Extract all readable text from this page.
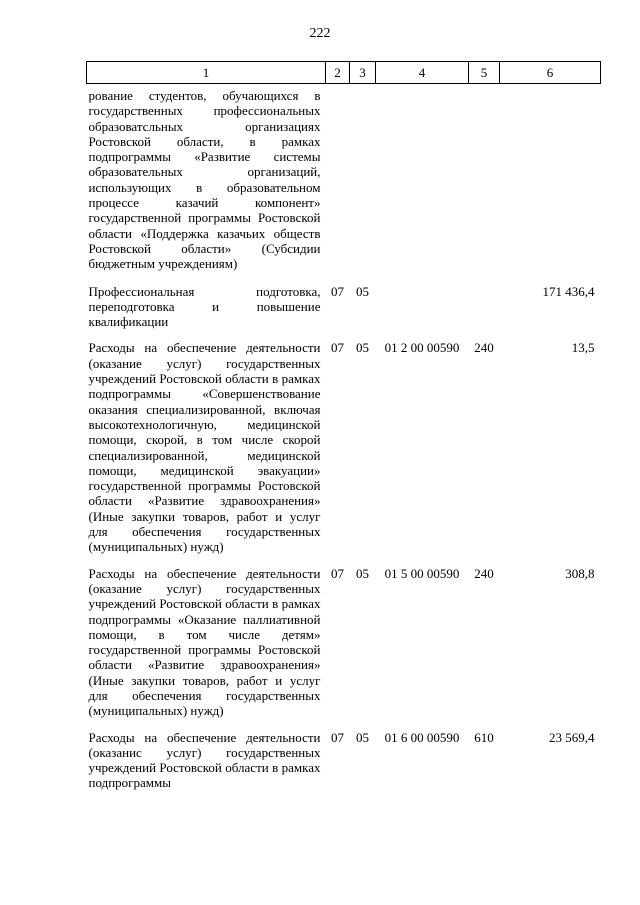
222
1	2	3	4	5	6
рование студентов, обучающихся в государственных профессиональных образоватсльных организациях Ростовской области, в рамках подпрограммы «Развитие системы образовательных организаций, использующих в образовательном процессе казачий компонент» государственной программы Ростовской области «Поддержка казачьих обществ Ростовской области» (Субсидии бюджетным учреждениям)					
Профессиональная подготовка, переподготовка и повышение квалификации	07	05			171 436,4
Расходы на обеспечение деятельности (оказание услуг) государственных учреждений Ростовской области в рамках подпрограммы «Совершенствование оказания специализированной, включая высокотехнологичную, медицинской помощи, скорой, в том числе скорой специализированной, медицинской помощи, медицинской эвакуации» государственной программы Ростовской области «Развитие здравоохранения» (Иные закупки товаров, работ и услуг для обеспечения государственных (муниципальных) нужд)	07	05	01 2 00 00590	240	13,5
Расходы на обеспечение деятельности (оказание услуг) государственных учреждений Ростовской области в рамках подпрограммы «Оказание паллиативной помощи, в том числе детям» государственной программы Ростовской области «Развитие здравоохранения» (Иные закупки товаров, работ и услуг для обеспечения государственных (муниципальных) нужд)	07	05	01 5 00 00590	240	308,8
Расходы на обеспечение деятельности (оказанис услуг) государственных учреждений Ростовской области в рамках подпрограммы	07	05	01 6 00 00590	610	23 569,4
